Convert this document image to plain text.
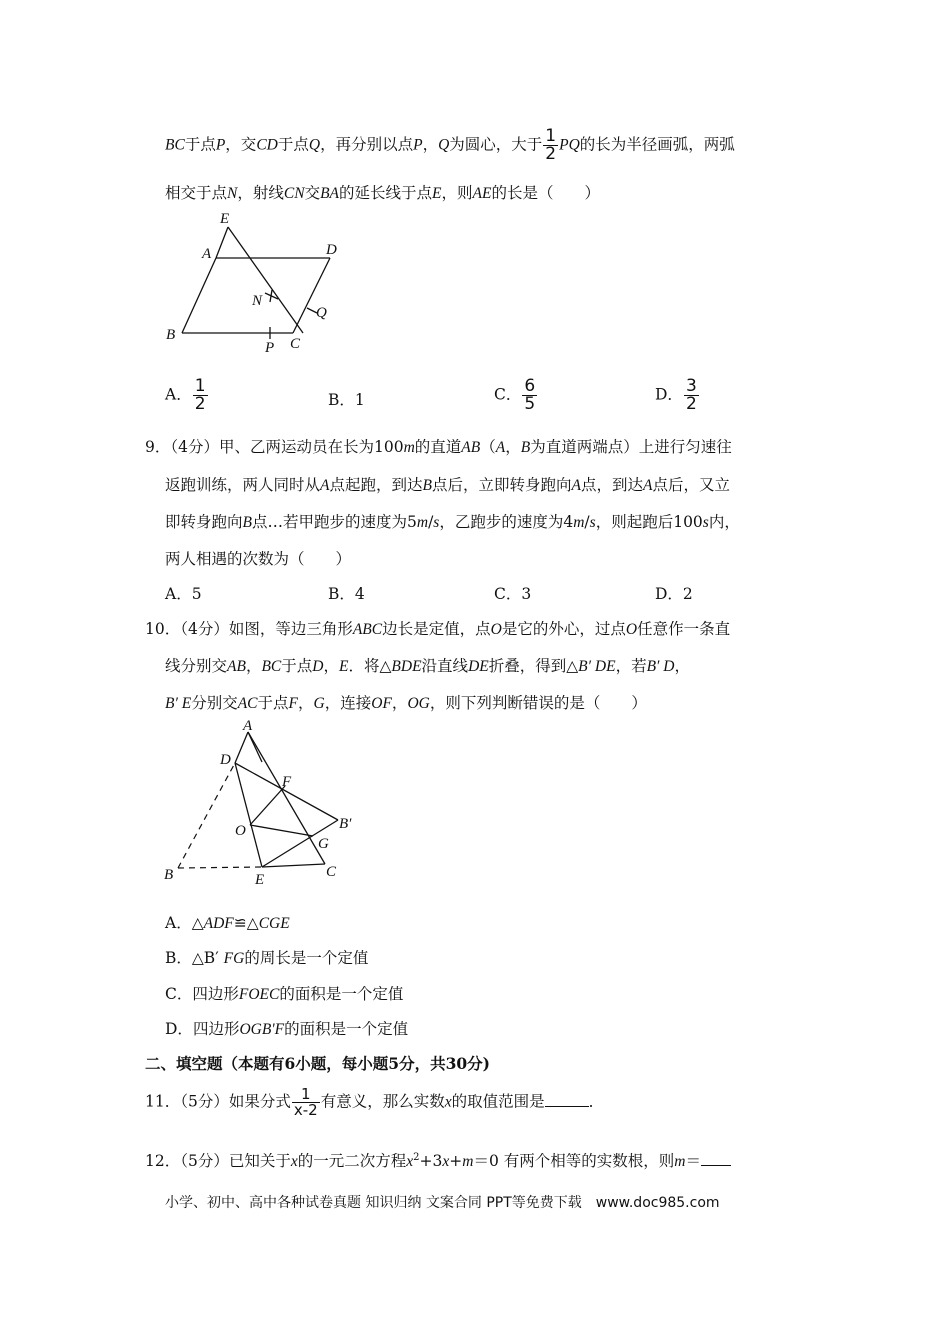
BC于点P，交CD于点Q，再分别以点P，Q为圆心，大于 $\frac{1}{2}$ PQ的长为半径画弧，两弧
相交于点N，射线CN交BA的延长线于点E，则AE的长是（　　）
E
A	D
N
Q
B
P C
A． $\frac{1}{2}$	B．1	C． $\frac{6}{5}$	D． $\frac{3}{2}$
9．（4分）甲、乙两运动员在长为100m的直道AB（A，B为直道两端点）上进行匀速往
返跑训练，两人同时从A点起跑，到达B点后，立即转身跑向A点，到达A点后，又立
即转身跑向B点…若甲跑步的速度为5m/s，乙跑步的速度为4m/s，则起跑后100s内，
两人相遇的次数为（　　）
A．5	B．4	C．3	D．2
10．（4分）如图，等边三角形ABC边长是定值，点O是它的外心，过点O任意作一条直
线分别交AB，BC于点D，E．将△BDE沿直线DE折叠，得到△B′ DE，若B′ D，
B′ E分别交AC于点F，G，连接OF，OG，则下列判断错误的是（　　）
A
D
F
O	B′
G
B	E	C
A．△ADF≌△CGE
B．△B′ FG的周长是一个定值
C．四边形FOEC的面积是一个定值
D．四边形OGB'F的面积是一个定值
二、填空题（本题有6小题，每小题5分，共30分)
11．（5分）如果分式 $\frac{1}{x-2}$ 有意义，那么实数x的取值范围是	．
12．（5分）已知关于x的一元二次方程$x^2+3x+m=0$ 有两个相等的实数根，则m＝
小学、初中、高中各种试卷真题 知识归纳 文案合同 PPT等免费下载　www.doc985.com
